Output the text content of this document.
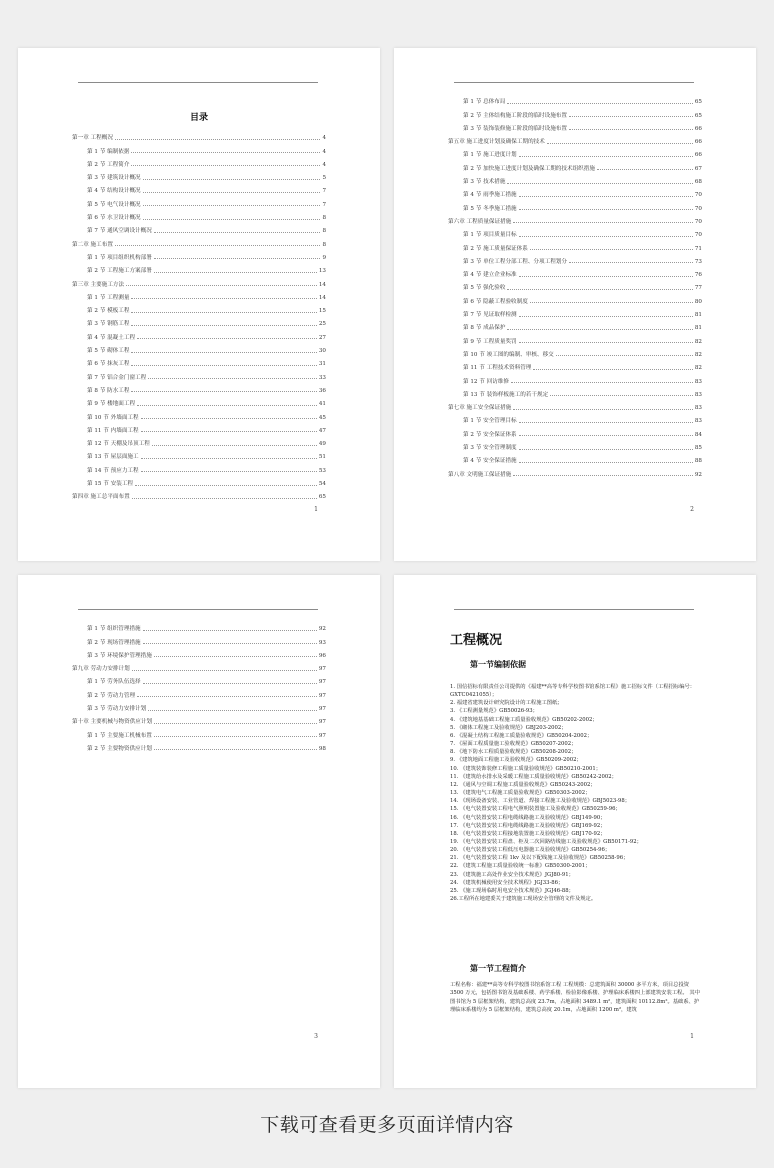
目录
第一章 工程概况	4
第 1 节 编制依据	4
第 2 节 工程简介	4
第 3 节 建筑设计概况	5
第 4 节 结构设计概况	7
第 5 节 电气设计概况	7
第 6 节 水卫设计概况	8
第 7 节 通风空调设计概况	8
第二章 施工布置	8
第 1 节 项目组织机构部署	9
第 2 节 工程施工方案部署	13
第三章 主要施工方法	14
第 1 节 工程测量	14
第 2 节 模板工程	15
第 3 节 钢筋工程	25
第 4 节 混凝土工程	27
第 5 节 砌体工程	30
第 6 节 抹灰工程	31
第 7 节 铝合金门窗工程	33
第 8 节 防水工程	36
第 9 节 楼地面工程	41
第 10 节 外墙面工程	45
第 11 节 内墙面工程	47
第 12 节 天棚及吊顶工程	49
第 13 节 屋层面施工	51
第 14 节 预应力工程	53
第 15 节 安装工程	54
第四章 施工总平面布置	65
1
第 1 节 总体布局	65
第 2 节 主体结构施工阶段的临时设施布置	65
第 3 节 装饰装修施工阶段的临时设施布置	66
第五章 施工进度计划及确保工期的技术	66
第 1 节 施工进度计划	66
第 2 节 加快施工进度计划及确保工期的技术组织措施	67
第 3 节 技术措施	68
第 4 节 雨季施工措施	70
第 5 节 冬季施工措施	70
第六章 工程质量保证措施	70
第 1 节 项目质量目标	70
第 2 节 施工质量保证体系	71
第 3 节 单位工程分部工程、分项工程划分	73
第 4 节 建立企业标准	76
第 5 节 强化验收	77
第 6 节 隐蔽工程验收制度	80
第 7 节 见证取样检测	81
第 8 节 成品保护	81
第 9 节 工程质量奖罚	82
第 10 节 竣工图的编制、审核、移交	82
第 11 节 工程技术资料管理	82
第 12 节 回访维修	83
第 13 节 装饰样板施工的若干规定	83
第七章 施工安全保证措施	83
第 1 节 安全管理目标	83
第 2 节 安全保证体系	84
第 3 节 安全管理制度	85
第 4 节 安全保证措施	88
第八章 文明施工保证措施	92
2
第 1 节 组织管理措施	92
第 2 节 现场管理措施	93
第 3 节 环境保护管理措施	96
第九章 劳动力安排计划	97
第 1 节 劳务队伍选择	97
第 2 节 劳动力管理	97
第 3 节 劳动力安排计划	97
第十章 主要机械与物资供应计划	97
第 1 节 主要施工机械布置	97
第 2 节 主要物资供应计划	98
3
工程概况
第一节编制依据
1. 国信招标有限责任公司提供的《福建**高等专科学校图书馆系馆工程》施工招标文件（工程招标编号：GXTC0421055）；
2. 福建省建筑设计研究院设计的工程施工图纸；
3. 《工程测量规范》GB50026-93；
4. 《建筑地基基础工程施工质量验收规范》GB50202-2002；
5. 《砌体工程施工及验收规范》GBJ203-2002；
6. 《混凝土结构工程施工质量验收规范》GB50204-2002；
7. 《屋面工程质量施工验收规范》GB50207-2002；
8. 《地下防水工程质量验收规范》GB50208-2002；
9. 《建筑地面工程施工及验收规范》GB50209-2002；
10. 《建筑装饰装修工程施工质量验收规范》GB50210-2001；
11. 《建筑给水排水及采暖工程施工质量验收规范》GB50242-2002；
12. 《通风与空调工程施工质量验收规范》GB50243-2002；
13. 《建筑电气工程施工质量验收规范》GB50303-2002；
14. 《现场设备安装、工业管道、焊接工程施工及验收规范》GBJ5023-98；
15. 《电气装置安装工程电气照明装置施工及验收规范》GB50259-96；
16. 《电气装置安装工程电缆线路施工及验收规范》GBJ149-90；
17. 《电气装置安装工程电缆线路施工及验收规范》GBJ169-92；
18. 《电气装置安装工程接地装置施工及验收规范》GBJ170-92；
19. 《电气装置安装工程盘、柜及二次回路结线施工及验收规范》GB50171-92；
20. 《电气装置安装工程低压电器施工及验收规范》GB50254-96；
21. 《电气装置安装工程 1kv 及以下配线施工及验收规范》GB50258-96；
22. 《建筑工程施工质量验收统一标准》GB50300-2001；
23. 《建筑施工高处作业安全技术规范》JGJ80-91；
24. 《建筑机械使用安全技术规程》JGJ33-86；
25. 《施工现场临时用电安全技术规范》JGJ46-88；
26.工程所在地建委关于建筑施工现场安全管理的文件及规定。
第一节工程简介
工程名称：福建**高等专科学校图书馆系馆工程 工程规模：总建筑面积 30000 多平方米，项目总投资 3500 万元，包括图书馆及基础系楼、药学系楼、检验影像系楼、护理临床系楼四上部建筑安装工程。 其中图书馆为 5 层框架结构，建筑总高度 23.7m，占地面积 3489.1 m²，建筑面积 10112.8m²。基础系、护理临床系楼均为 5 层框架结构，建筑总高度 20.1m，占地面积 1200 m²，建筑
1
下载可查看更多页面详情内容
